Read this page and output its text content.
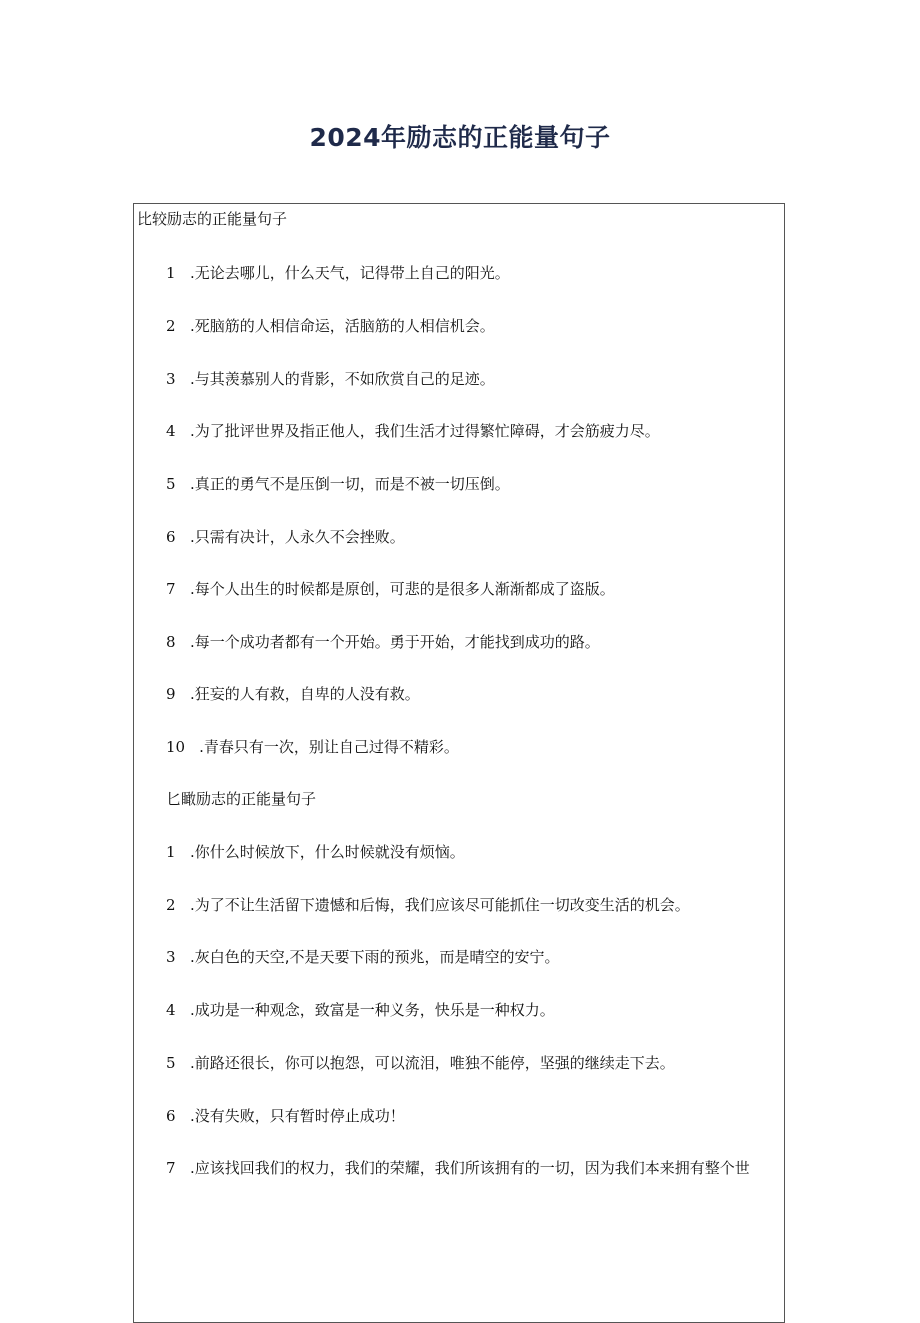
2024年励志的正能量句子
比较励志的正能量句子
1 .无论去哪儿，什么天气，记得带上自己的阳光。
2 .死脑筋的人相信命运，活脑筋的人相信机会。
3 .与其羡慕别人的背影，不如欣赏自己的足迹。
4 .为了批评世界及指正他人，我们生活才过得繁忙障碍，才会筋疲力尽。
5 .真正的勇气不是压倒一切，而是不被一切压倒。
6 .只需有决计，人永久不会挫败。
7 .每个人出生的时候都是原创，可悲的是很多人渐渐都成了盗版。
8 .每一个成功者都有一个开始。勇于开始，才能找到成功的路。
9 .狂妄的人有救，自卑的人没有救。
10 .青春只有一次，别让自己过得不精彩。
匕瞰励志的正能量句子
1 .你什么时候放下，什么时候就没有烦恼。
2 .为了不让生活留下遗憾和后悔，我们应该尽可能抓住一切改变生活的机会。
3 .灰白色的天空,不是天要下雨的预兆，而是晴空的安宁。
4 .成功是一种观念，致富是一种义务，快乐是一种权力。
5 .前路还很长，你可以抱怨，可以流泪，唯独不能停，坚强的继续走下去。
6 .没有失败，只有暂时停止成功！
7 .应该找回我们的权力，我们的荣耀，我们所该拥有的一切，因为我们本来拥有整个世
